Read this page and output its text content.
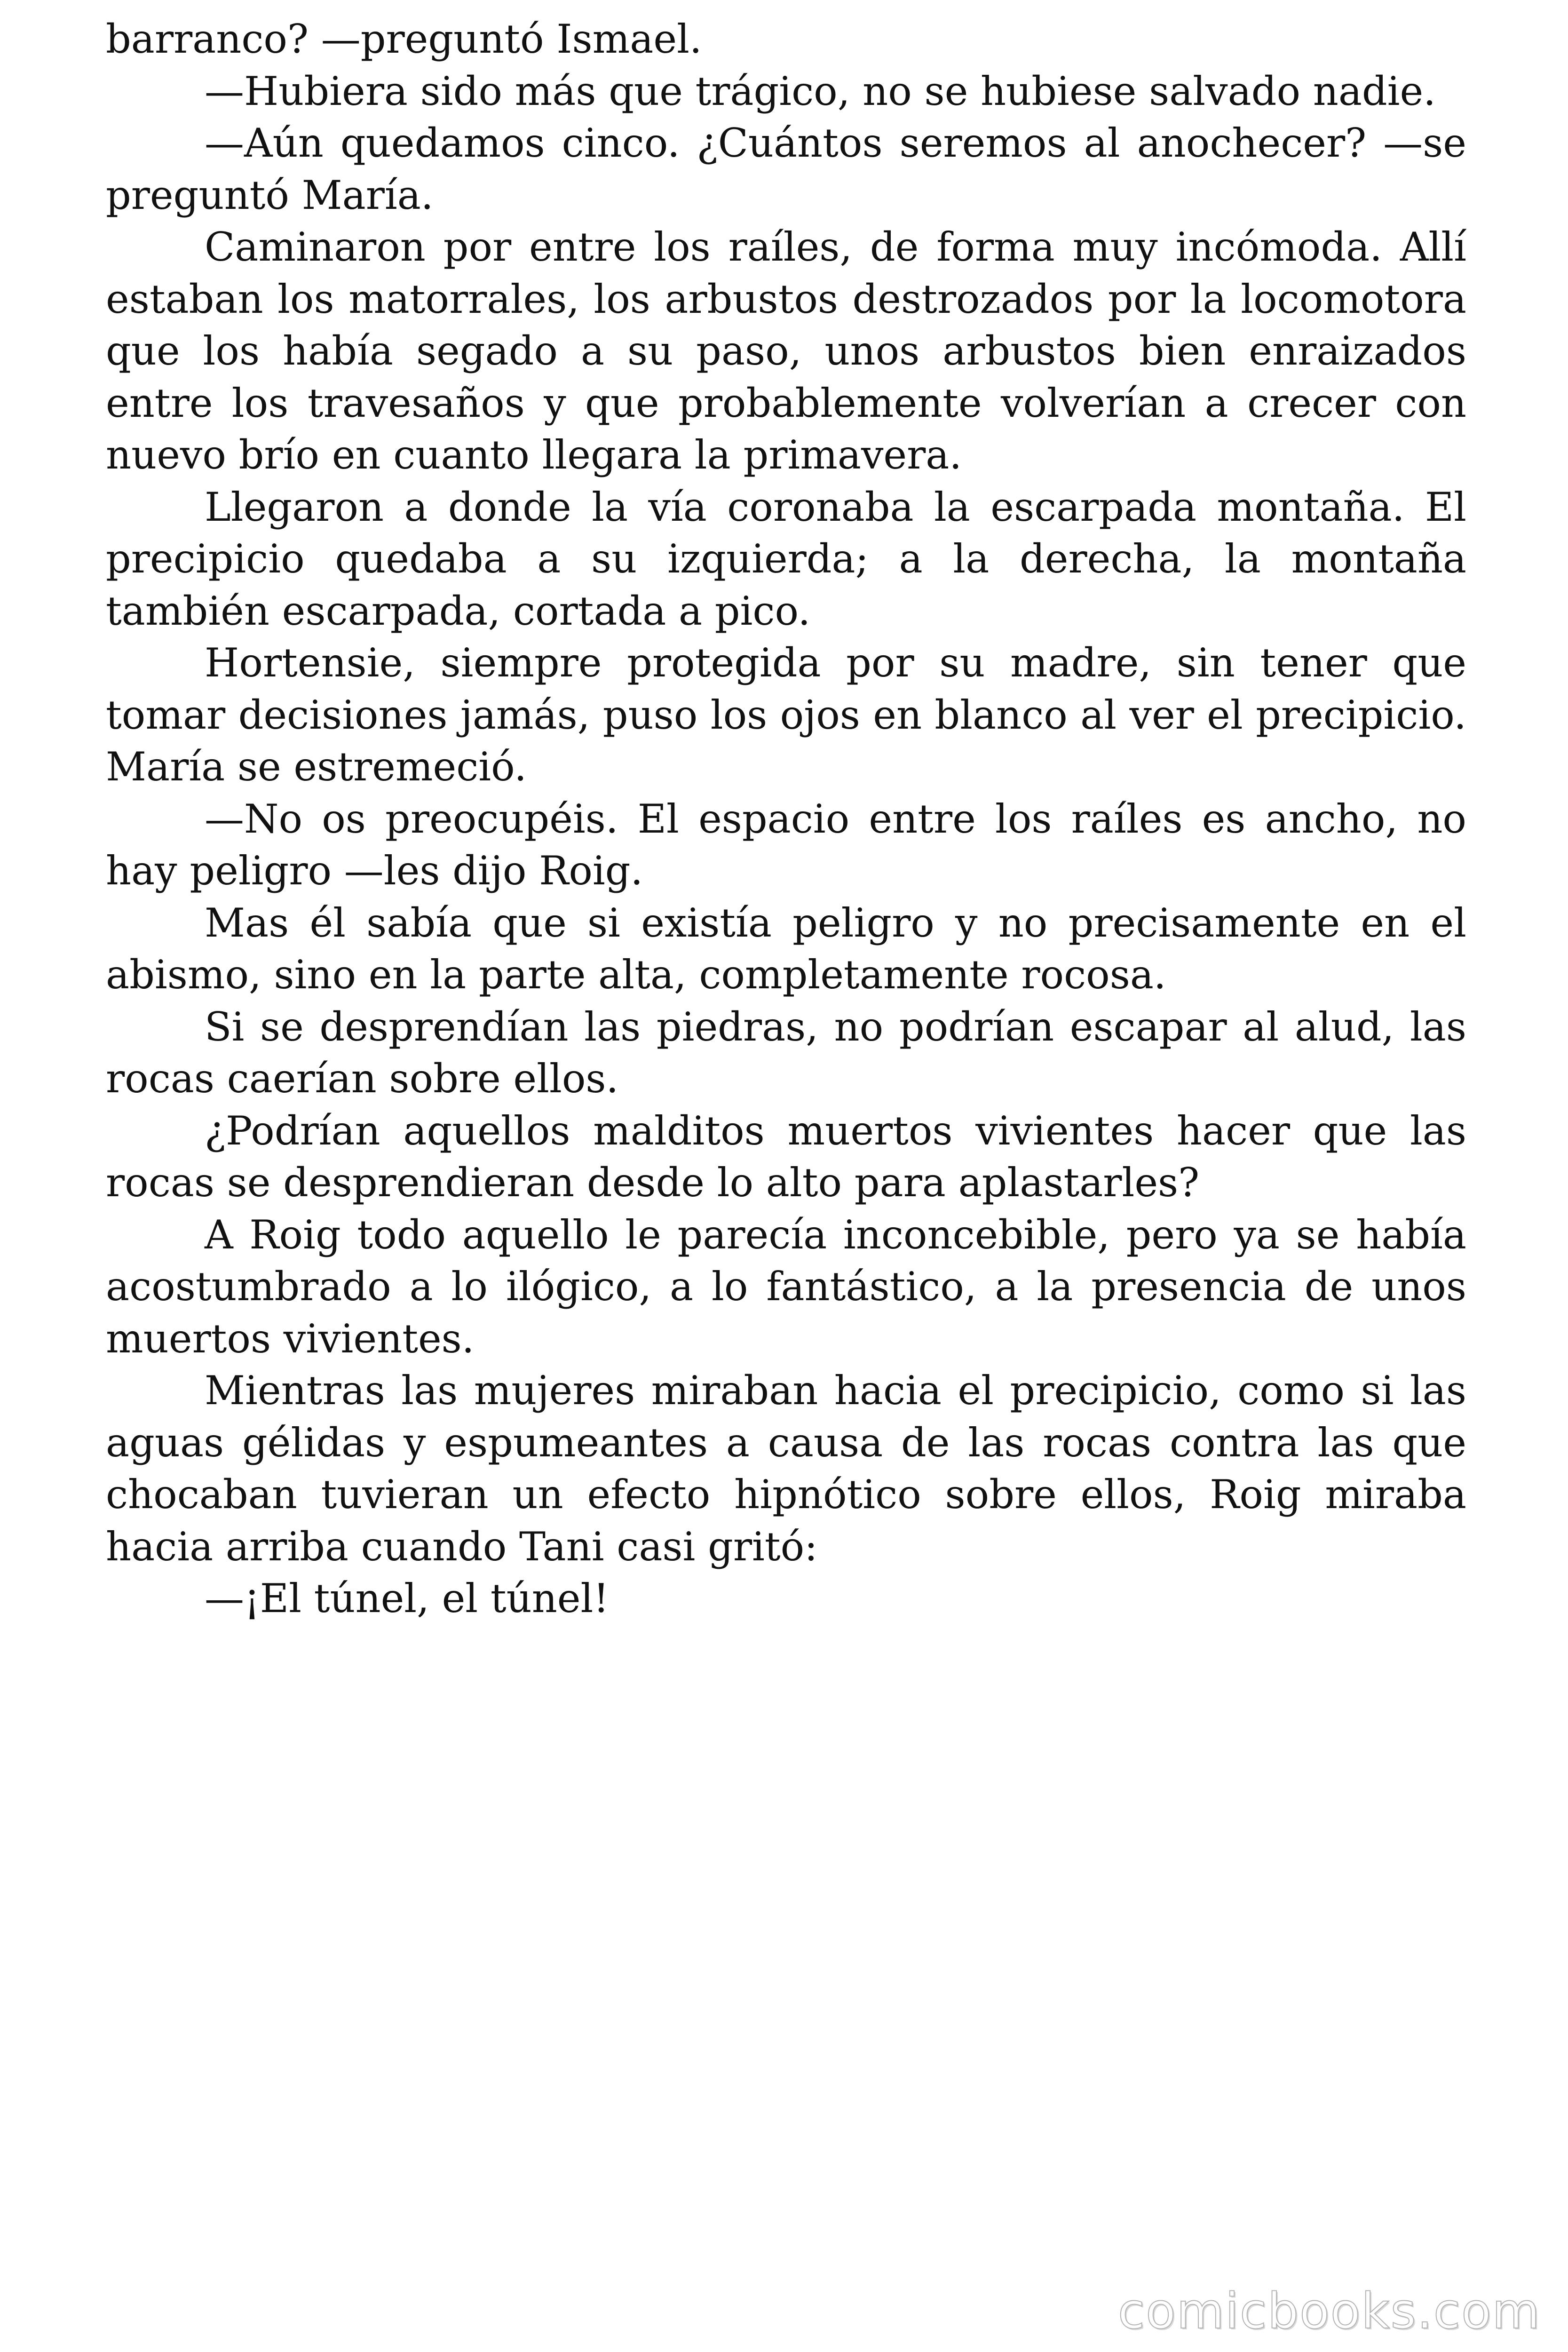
barranco? —preguntó Ismael.

—Hubiera sido más que trágico, no se hubiese salvado nadie.

—Aún quedamos cinco. ¿Cuántos seremos al anochecer? —se preguntó María.

Caminaron por entre los raíles, de forma muy incómoda. Allí estaban los matorrales, los arbustos destrozados por la locomotora que los había segado a su paso, unos arbustos bien enraizados entre los travesaños y que probablemente volverían a crecer con nuevo brío en cuanto llegara la primavera.

Llegaron a donde la vía coronaba la escarpada montaña. El precipicio quedaba a su izquierda; a la derecha, la montaña también escarpada, cortada a pico.

Hortensie, siempre protegida por su madre, sin tener que tomar decisiones jamás, puso los ojos en blanco al ver el precipicio. María se estremeció.

—No os preocupéis. El espacio entre los raíles es ancho, no hay peligro —les dijo Roig.

Mas él sabía que si existía peligro y no precisamente en el abismo, sino en la parte alta, completamente rocosa.

Si se desprendían las piedras, no podrían escapar al alud, las rocas caerían sobre ellos.

¿Podrían aquellos malditos muertos vivientes hacer que las rocas se desprendieran desde lo alto para aplastarles?

A Roig todo aquello le parecía inconcebible, pero ya se había acostumbrado a lo ilógico, a lo fantástico, a la presencia de unos muertos vivientes.

Mientras las mujeres miraban hacia el precipicio, como si las aguas gélidas y espumeantes a causa de las rocas contra las que chocaban tuvieran un efecto hipnótico sobre ellos, Roig miraba hacia arriba cuando Tani casi gritó:

—¡El túnel, el túnel!

comicbooks.com
